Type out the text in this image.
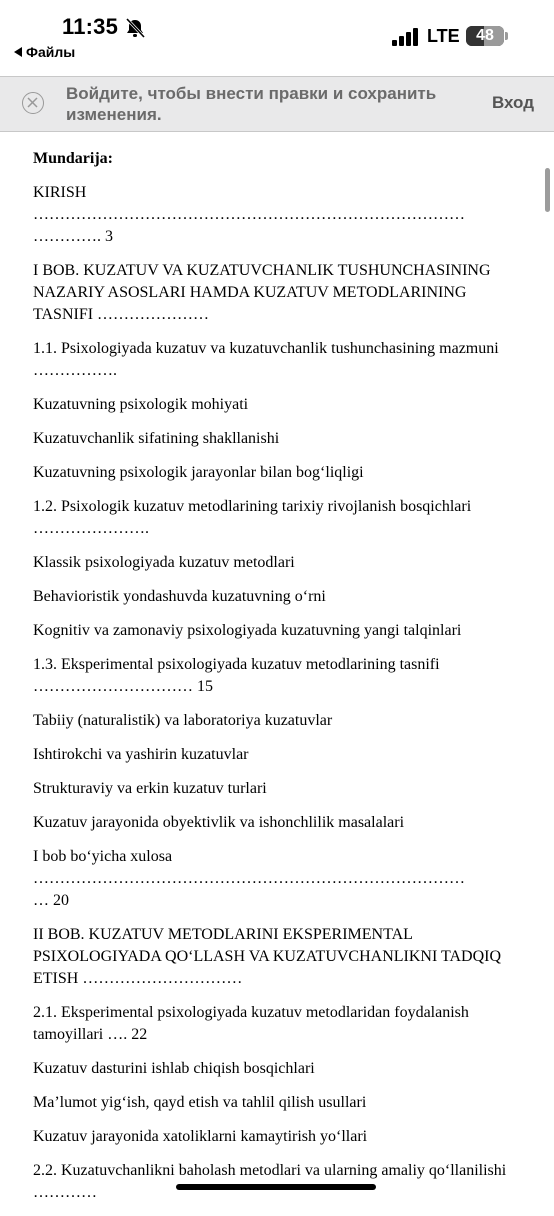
11:35
Файлы
LTE	48
Войдите, чтобы внести правки и сохранить изменения.
Вход

Mundarija:

KIRISH
………………………………………………………………………
…………. 3

I BOB. KUZATUV VA KUZATUVCHANLIK TUSHUNCHASINING NAZARIY ASOSLARI HAMDA KUZATUV METODLARINING TASNIFI …………………

1.1. Psixologiyada kuzatuv va kuzatuvchanlik tushunchasining mazmuni …………….

Kuzatuvning psixologik mohiyati

Kuzatuvchanlik sifatining shakllanishi

Kuzatuvning psixologik jarayonlar bilan bog‘liqligi

1.2. Psixologik kuzatuv metodlarining tarixiy rivojlanish bosqichlari ………………….

Klassik psixologiyada kuzatuv metodlari

Behavioristik yondashuvda kuzatuvning o‘rni

Kognitiv va zamonaviy psixologiyada kuzatuvning yangi talqinlari

1.3. Eksperimental psixologiyada kuzatuv metodlarining tasnifi ………………………… 15

Tabiiy (naturalistik) va laboratoriya kuzatuvlar

Ishtirokchi va yashirin kuzatuvlar

Strukturaviy va erkin kuzatuv turlari

Kuzatuv jarayonida obyektivlik va ishonchlilik masalalari

I bob bo‘yicha xulosa
………………………………………………………………………
… 20

II BOB. KUZATUV METODLARINI EKSPERIMENTAL PSIXOLOGIYADA QO‘LLASH VA KUZATUVCHANLIKNI TADQIQ ETISH …………………………

2.1. Eksperimental psixologiyada kuzatuv metodlaridan foydalanish tamoyillari …. 22

Kuzatuv dasturini ishlab chiqish bosqichlari

Ma’lumot yig‘ish, qayd etish va tahlil qilish usullari

Kuzatuv jarayonida xatoliklarni kamaytirish yo‘llari

2.2. Kuzatuvchanlikni baholash metodlari va ularning amaliy qo‘llanilishi …………
